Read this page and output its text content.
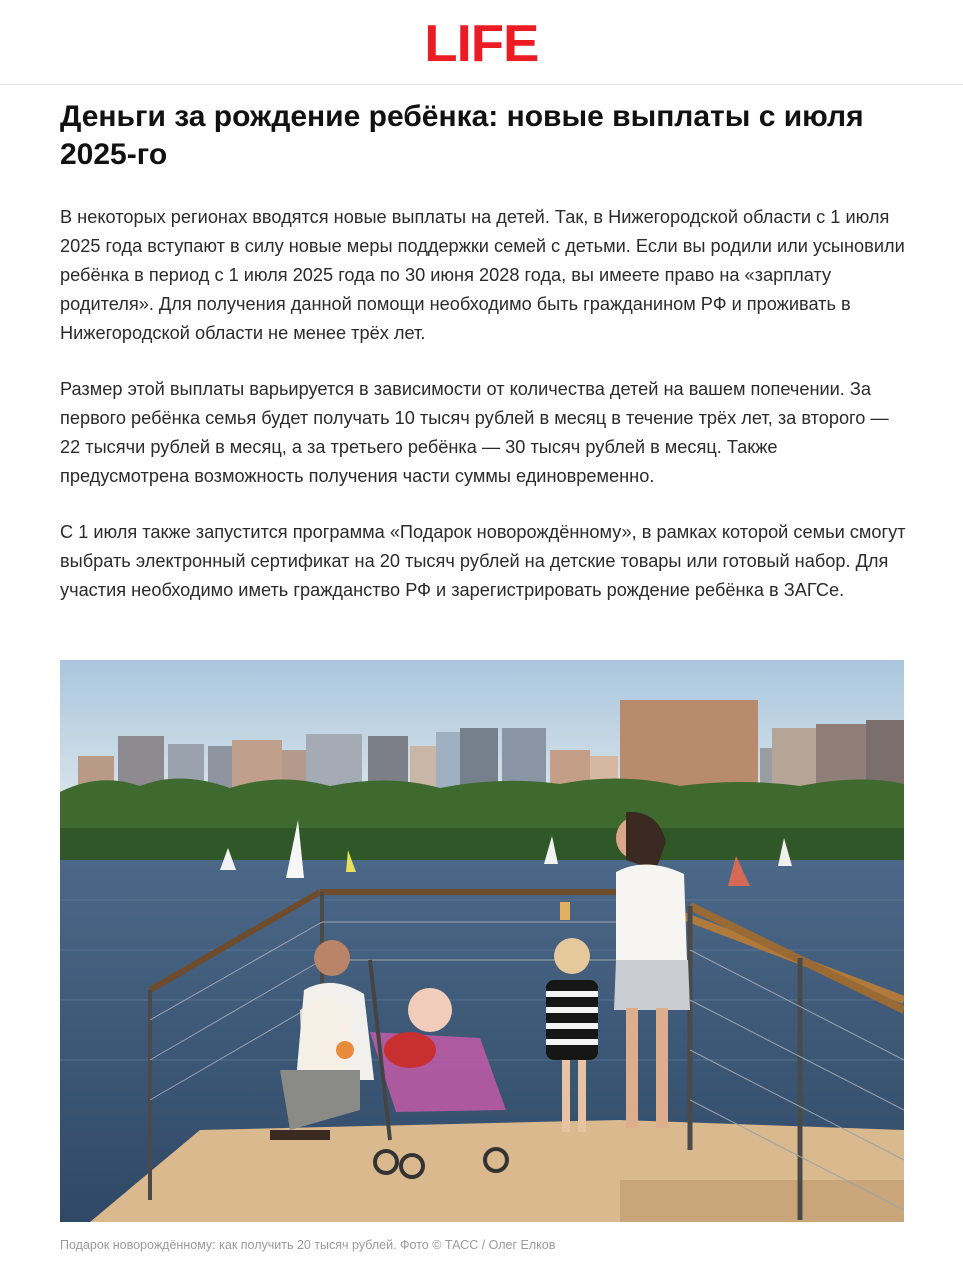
LIFE
Деньги за рождение ребёнка: новые выплаты с июля 2025-го

В некоторых регионах вводятся новые выплаты на детей. Так, в Нижегородской области с 1 июля 2025 года вступают в силу новые меры поддержки семей с детьми. Если вы родили или усыновили ребёнка в период с 1 июля 2025 года по 30 июня 2028 года, вы имеете право на «зарплату родителя». Для получения данной помощи необходимо быть гражданином РФ и проживать в Нижегородской области не менее трёх лет.

Размер этой выплаты варьируется в зависимости от количества детей на вашем попечении. За первого ребёнка семья будет получать 10 тысяч рублей в месяц в течение трёх лет, за второго — 22 тысячи рублей в месяц, а за третьего ребёнка — 30 тысяч рублей в месяц. Также предусмотрена возможность получения части суммы единовременно.

С 1 июля также запустится программа «Подарок новорождённому», в рамках которой семьи смогут выбрать электронный сертификат на 20 тысяч рублей на детские товары или готовый набор. Для участия необходимо иметь гражданство РФ и зарегистрировать рождение ребёнка в ЗАГСе.

Подарок новорождённому: как получить 20 тысяч рублей. Фото © ТАСС / Олег Елков
